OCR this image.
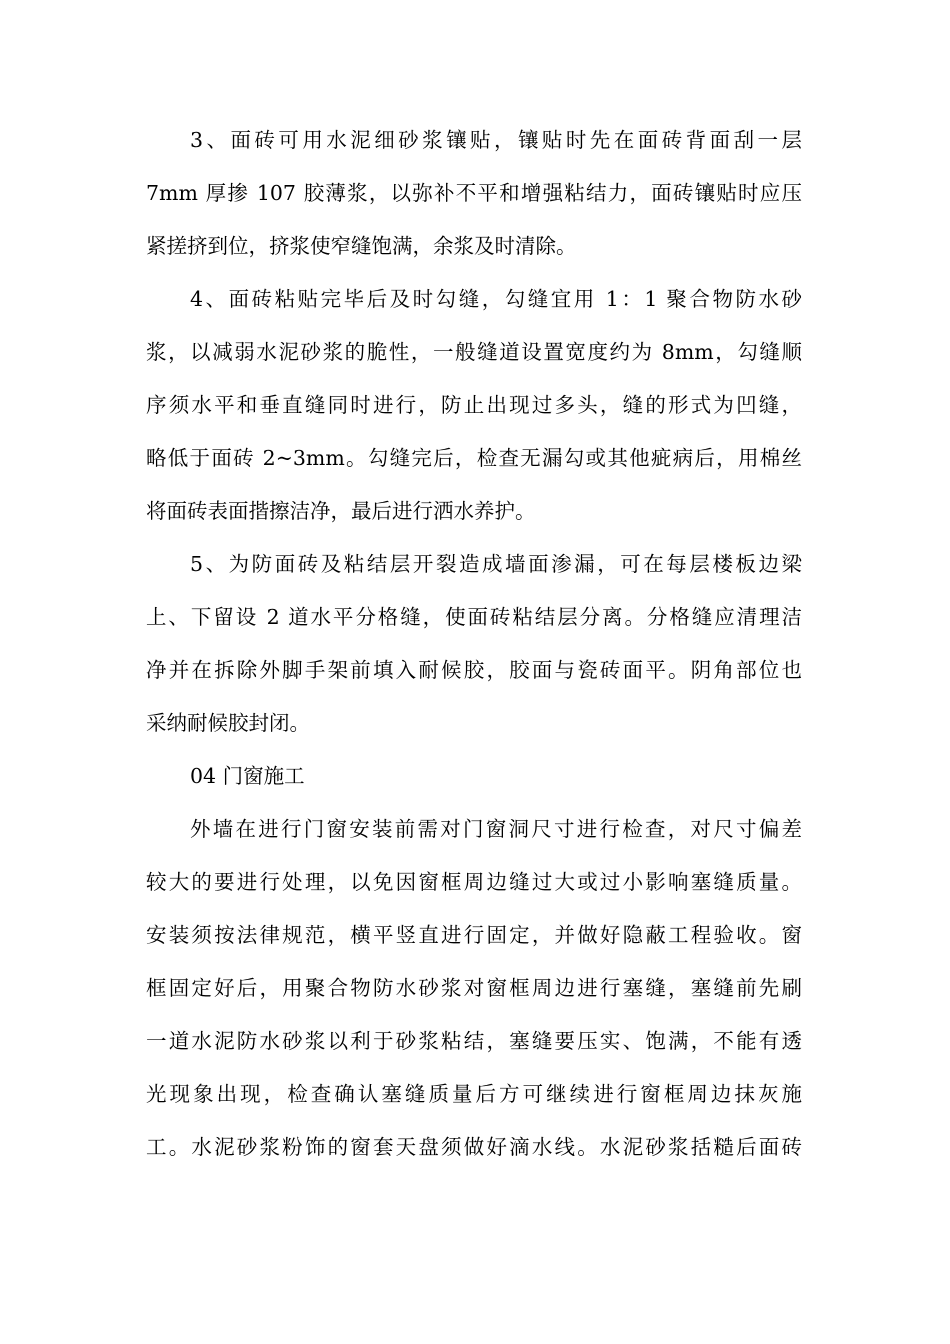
3、面砖可用水泥细砂浆镶贴，镶贴时先在面砖背面刮一层
7mm 厚掺 107 胶薄浆，以弥补不平和增强粘结力，面砖镶贴时应压
紧搓挤到位，挤浆使窄缝饱满，余浆及时清除。
4、面砖粘贴完毕后及时勾缝，勾缝宜用 1：1 聚合物防水砂
浆，以减弱水泥砂浆的脆性，一般缝道设置宽度约为 8mm，勾缝顺
序须水平和垂直缝同时进行，防止出现过多头，缝的形式为凹缝，
略低于面砖 2~3mm。勾缝完后，检查无漏勾或其他疵病后，用棉丝
将面砖表面揩擦洁净，最后进行洒水养护。
5、为防面砖及粘结层开裂造成墙面渗漏，可在每层楼板边梁
上、下留设 2 道水平分格缝，使面砖粘结层分离。分格缝应清理洁
净并在拆除外脚手架前填入耐候胶，胶面与瓷砖面平。阴角部位也
采纳耐候胶封闭。
04 门窗施工
外墙在进行门窗安装前需对门窗洞尺寸进行检查，对尺寸偏差
较大的要进行处理，以免因窗框周边缝过大或过小影响塞缝质量。
安装须按法律规范，横平竖直进行固定，并做好隐蔽工程验收。窗
框固定好后，用聚合物防水砂浆对窗框周边进行塞缝，塞缝前先刷
一道水泥防水砂浆以利于砂浆粘结，塞缝要压实、饱满，不能有透
光现象出现，检查确认塞缝质量后方可继续进行窗框周边抹灰施
工。水泥砂浆粉饰的窗套天盘须做好滴水线。水泥砂浆括糙后面砖
